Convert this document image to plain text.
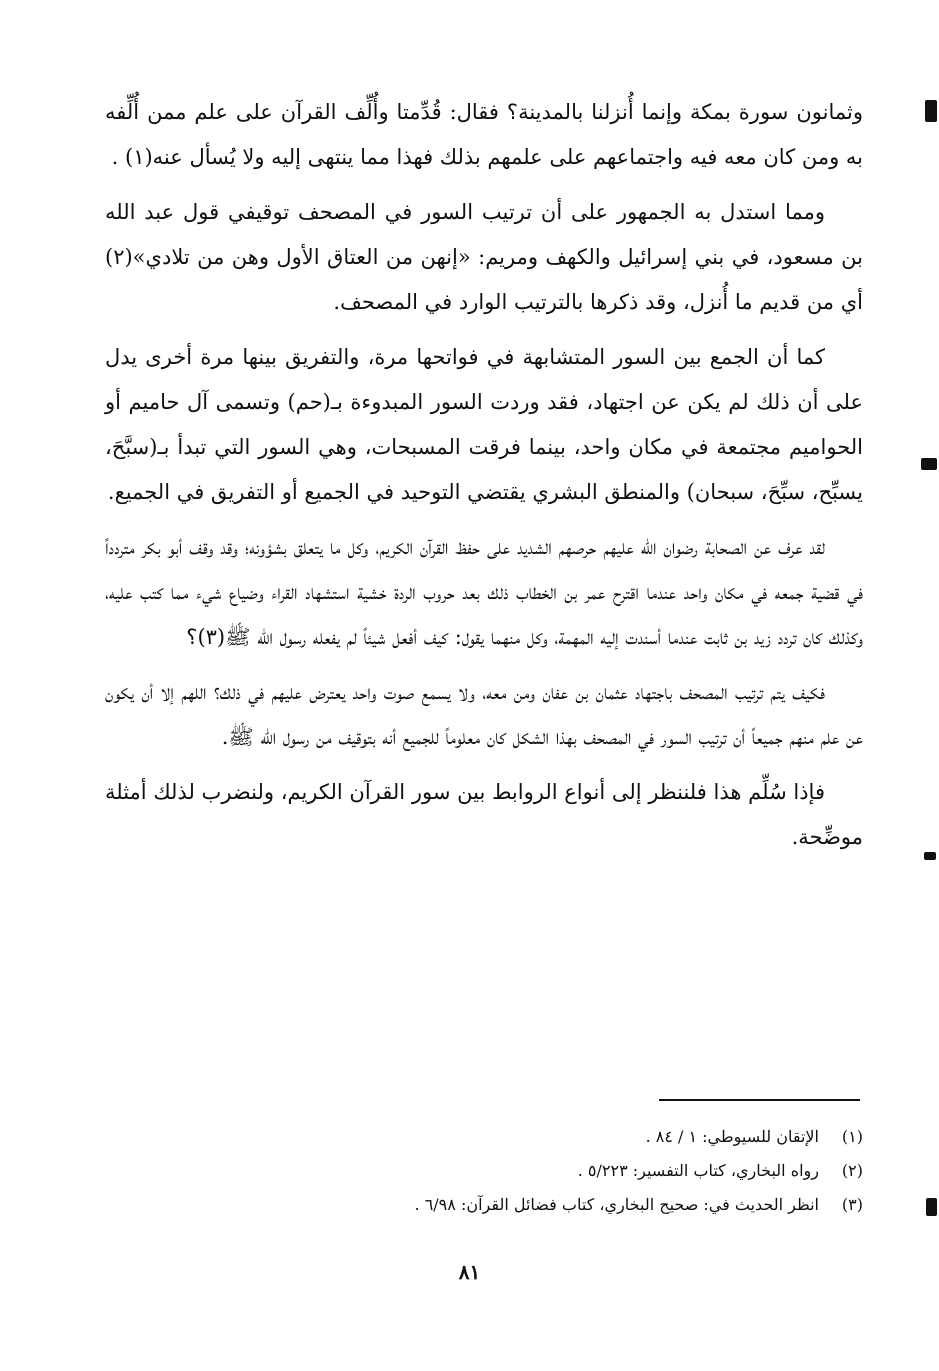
وثمانون سورة بمكة وإنما أُنزلنا بالمدينة؟ فقال: قُدِّمتا وأُلِّف القرآن على علم ممن أُلِّفه به ومن كان معه فيه واجتماعهم على علمهم بذلك فهذا مما ينتهى إليه ولا يُسأل عنه(١) .

ومما استدل به الجمهور على أن ترتيب السور في المصحف توقيفي قول عبد الله بن مسعود، في بني إسرائيل والكهف ومريم: «إنهن من العتاق الأول وهن من تلادي»(٢) أي من قديم ما أُنزل، وقد ذكرها بالترتيب الوارد في المصحف.

كما أن الجمع بين السور المتشابهة في فواتحها مرة، والتفريق بينها مرة أخرى يدل على أن ذلك لم يكن عن اجتهاد، فقد وردت السور المبدوءة بـ(حم) وتسمى آل حاميم أو الحواميم مجتمعة في مكان واحد، بينما فرقت المسبحات، وهي السور التي تبدأ بـ(سبَّحَ، يسبِّح، سبِّحَ، سبحان) والمنطق البشري يقتضي التوحيد في الجميع أو التفريق في الجميع.

لقد عرف عن الصحابة رضوان الله عليهم حرصهم الشديد على حفظ القرآن الكريم، وكل ما يتعلق بشؤونه؛ وقد وقف أبو بكر متردداً في قضية جمعه في مكان واحد عندما اقترح عمر بن الخطاب ذلك بعد حروب الردة خشية استشهاد القراء وضياع شيء مما كتب عليه، وكذلك كان تردد زيد بن ثابت عندما أسندت إليه المهمة، وكل منهما يقول: كيف أفعل شيئاً لم يفعله رسول الله ﷺ(٣)؟

فكيف يتم ترتيب المصحف باجتهاد عثمان بن عفان ومن معه، ولا يسمع صوت واحد يعترض عليهم في ذلك؟ اللهم إلا أن يكون عن علم منهم جميعاً أن ترتيب السور في المصحف بهذا الشكل كان معلوماً للجميع أنه بتوقيف من رسول الله ﷺ.

فإذا سُلِّم هذا فلننظر إلى أنواع الروابط بين سور القرآن الكريم، ولنضرب لذلك أمثلة موضِّحة.

(١)الإتقان للسيوطي: ١ / ٨٤ .
(٢)رواه البخاري، كتاب التفسير: ٥/٢٢٣ .
(٣)انظر الحديث في: صحيح البخاري، كتاب فضائل القرآن: ٦/٩٨ .
٨١
